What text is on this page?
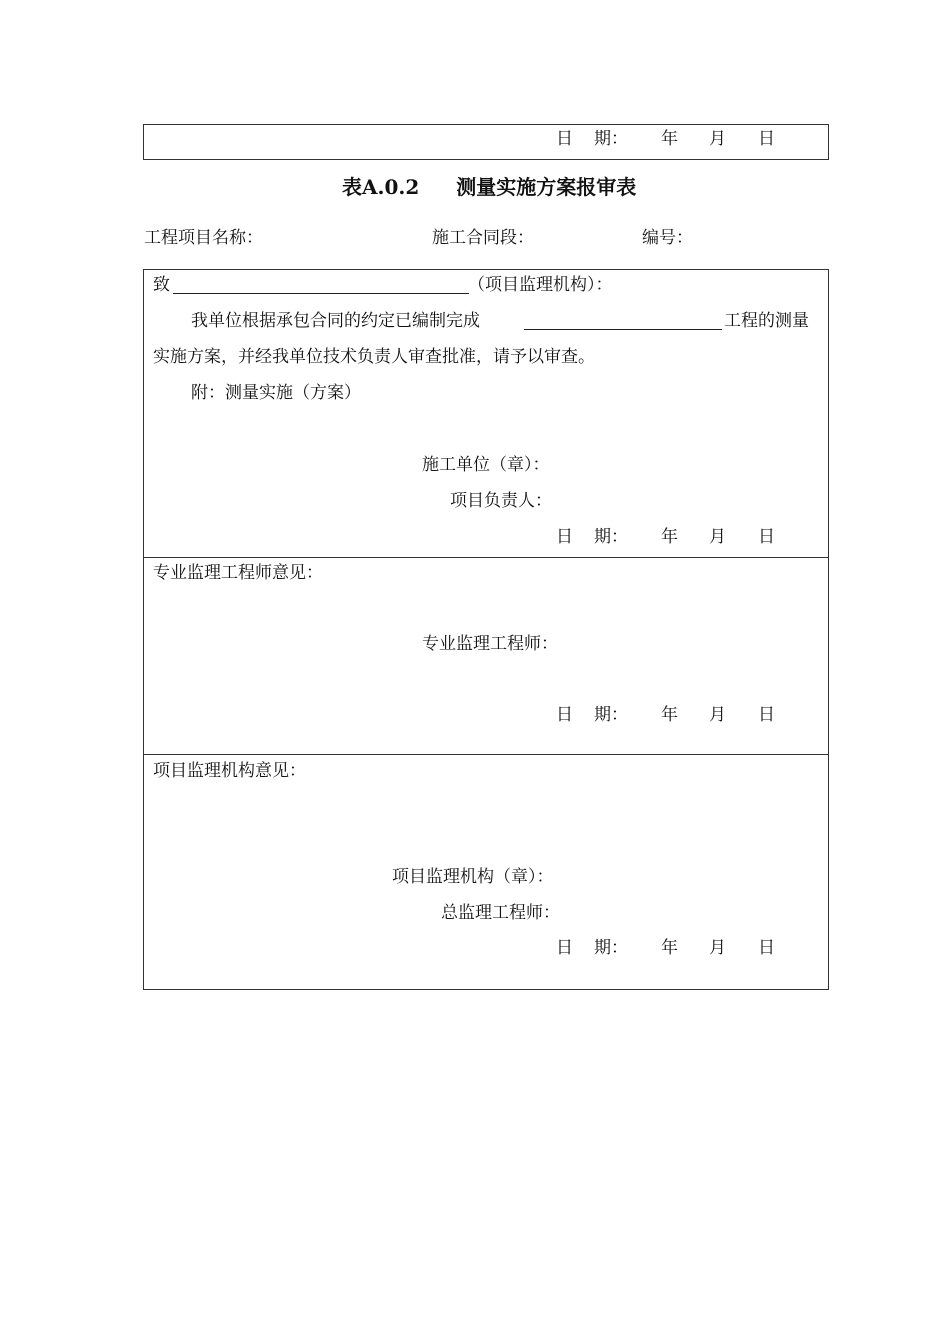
日 期： 年 月 日
表A.0.2 测量实施方案报审表
工程项目名称：	施工合同段：	编号：
致	（项目监理机构）：
我单位根据承包合同的约定已编制完成	工程的测量
实施方案，并经我单位技术负责人审查批准，请予以审查。
附：测量实施（方案）
施工单位（章）：
项目负责人：
日 期： 年 月 日
专业监理工程师意见：
专业监理工程师：
日 期： 年 月 日
项目监理机构意见：
项目监理机构（章）：
总监理工程师：
日 期： 年 月 日
